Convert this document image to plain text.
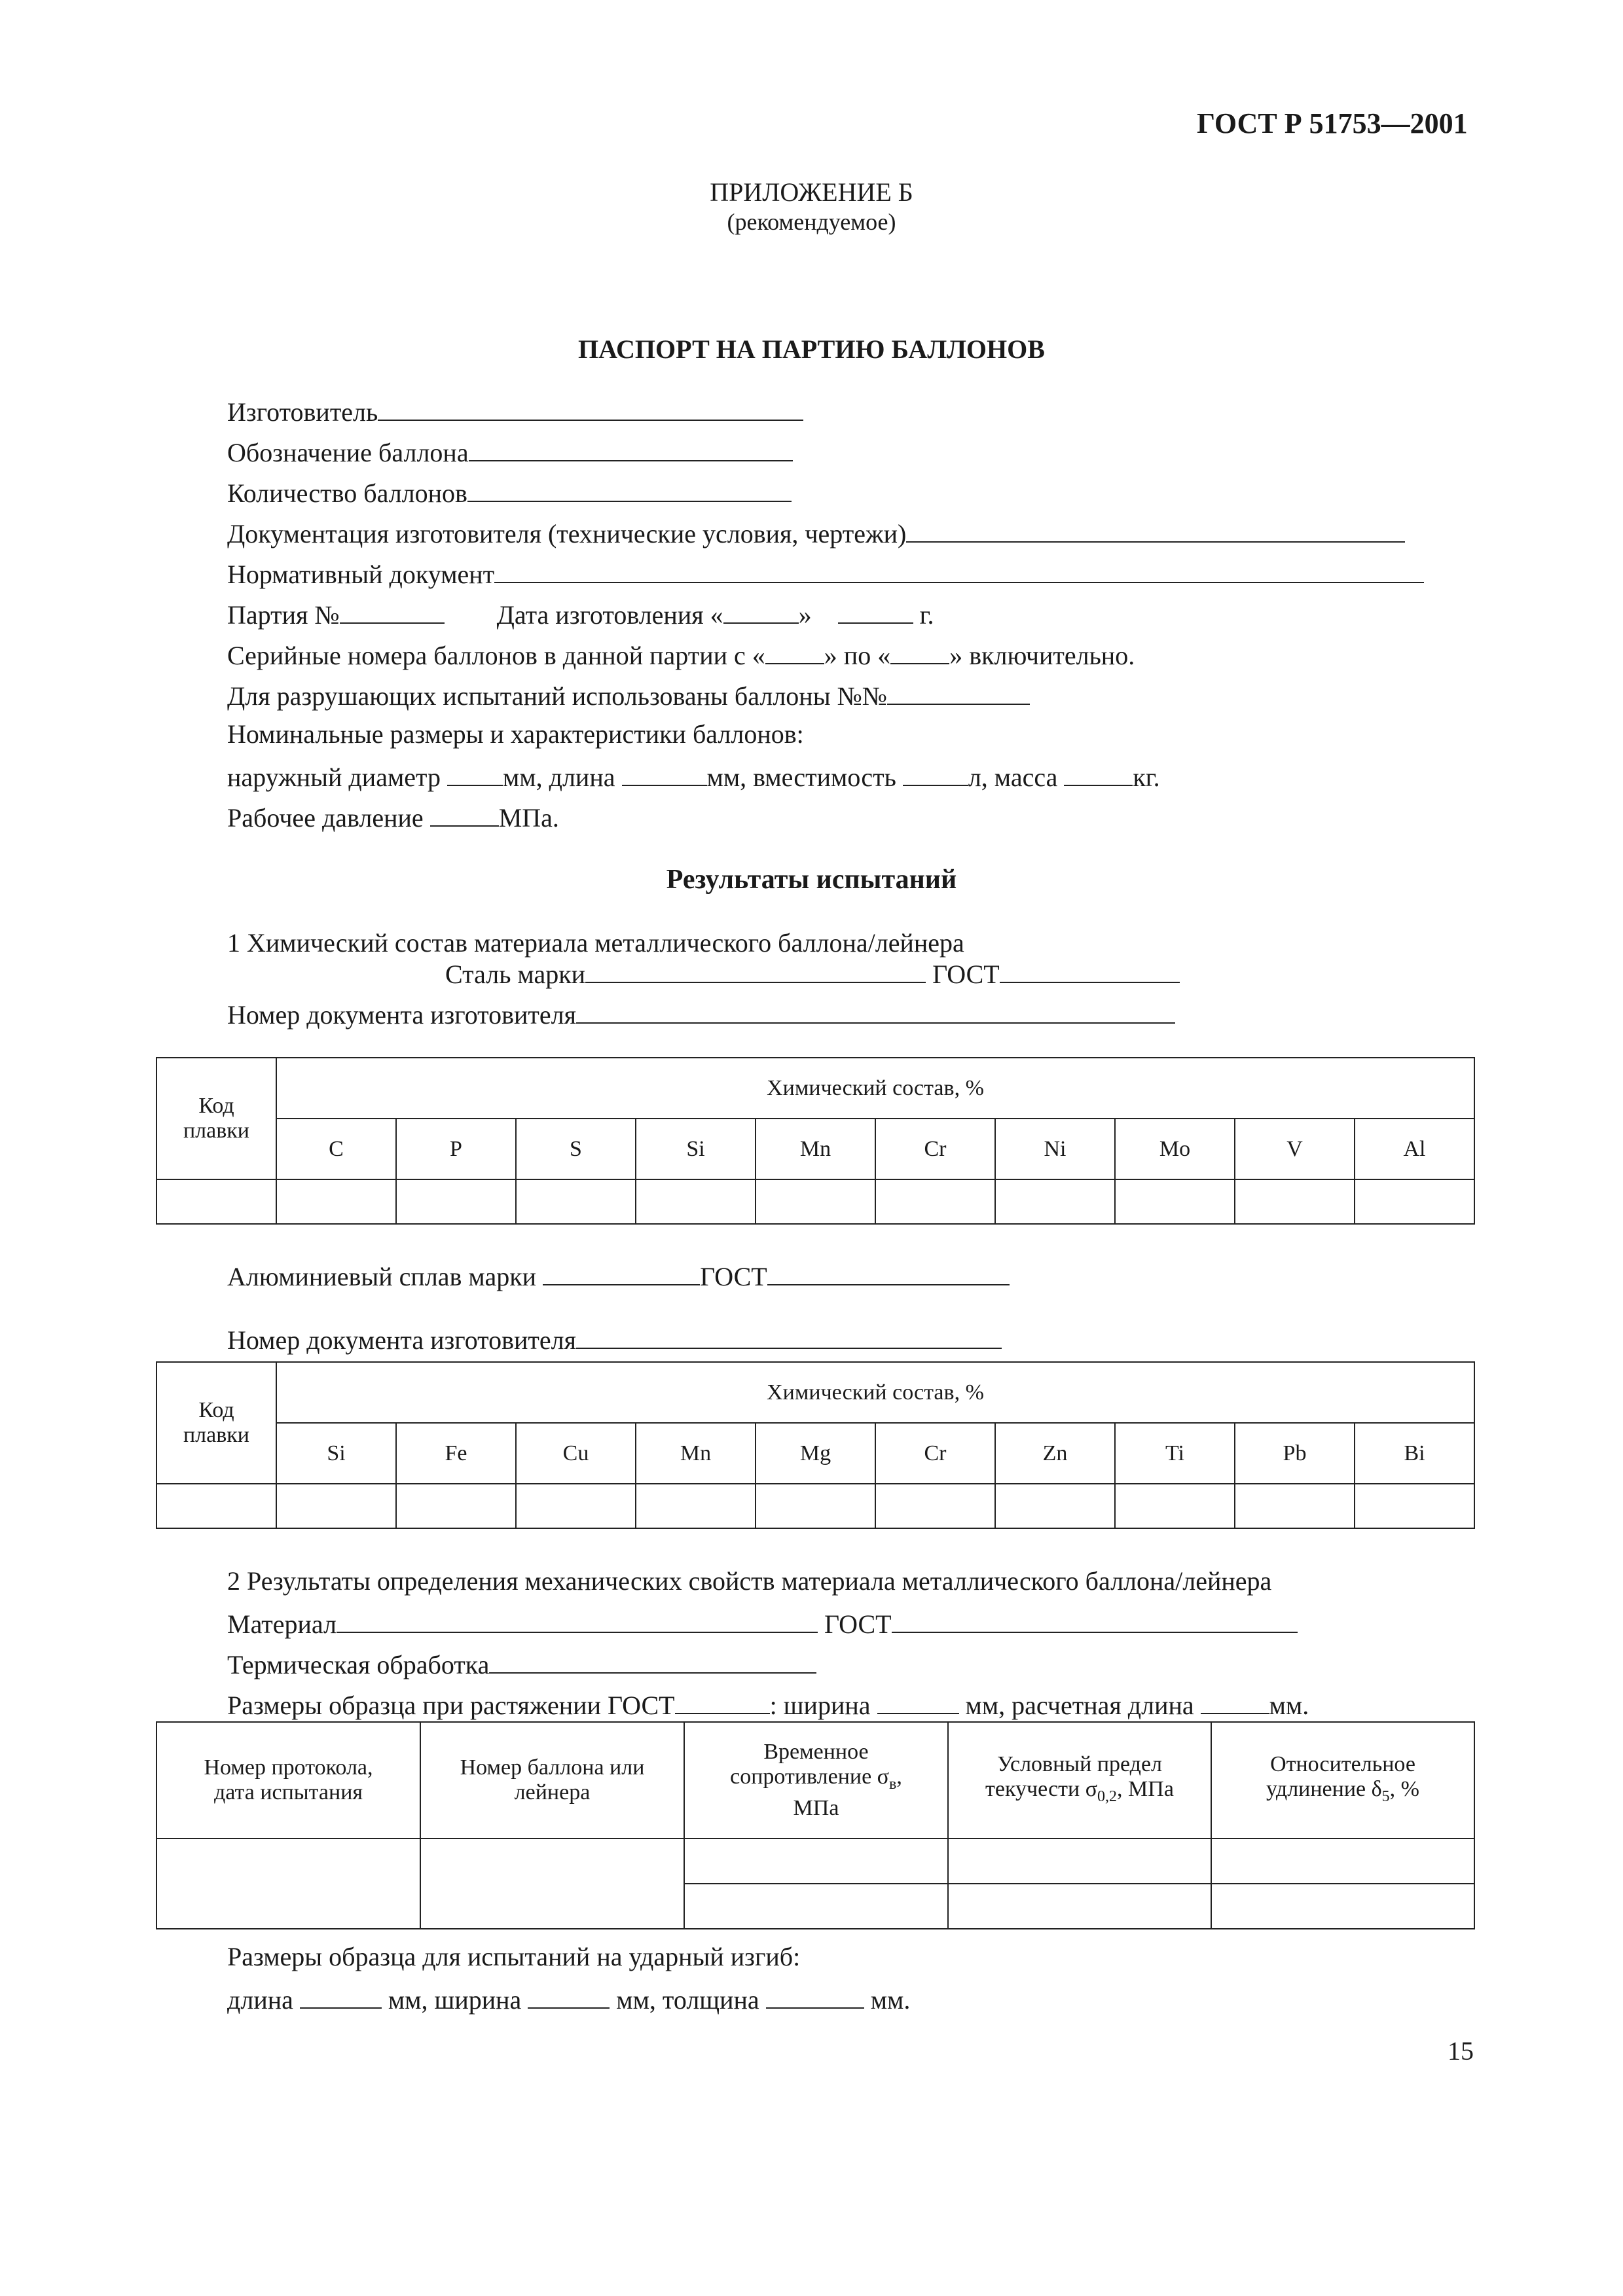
ГОСТ Р 51753—2001
ПРИЛОЖЕНИЕ Б
(рекомендуемое)
ПАСПОРТ НА ПАРТИЮ БАЛЛОНОВ
Изготовитель
Обозначение баллона
Количество баллонов
Документация изготовителя (технические условия, чертежи)
Нормативный документ
Партия №	Дата изготовления «	»	г.
Серийные номера баллонов в данной партии с « » по « » включительно.
Для разрушающих испытаний использованы баллоны №№
Номинальные размеры и характеристики баллонов:
наружный диаметр мм, длина	мм, вместимость	л, масса	кг.
Рабочее давление	МПа.
Результаты испытаний
1 Химический состав материала металлического баллона/лейнера
Сталь марки	ГОСТ
Номер документа изготовителя
Код
плавки	Химический состав, %									
	C	P	S	Si	Mn	Cr	Ni	Mo	V	Al

Алюминиевый сплав марки	ГОСТ
Номер документа изготовителя
Код
плавки	Химический состав, %									
	Si	Fe	Cu	Mn	Mg	Cr	Zn	Ti	Pb	Bi

2 Результаты определения механических свойств материала металлического баллона/лейнера
Материал	ГОСТ
Термическая обработка
Размеры образца при растяжении ГОСТ	: ширина	мм, расчетная длина	мм.
Номер протокола,
дата испытания	Номер баллона или
лейнера	Временное
сопротивление $\sigma_в$,
МПа	Условный предел
текучести $\sigma_{0,2}$, МПа	Относительное
удлинение $\delta_5$, %

Размеры образца для испытаний на ударный изгиб:
длина	мм, ширина	мм, толщина	мм.
15
